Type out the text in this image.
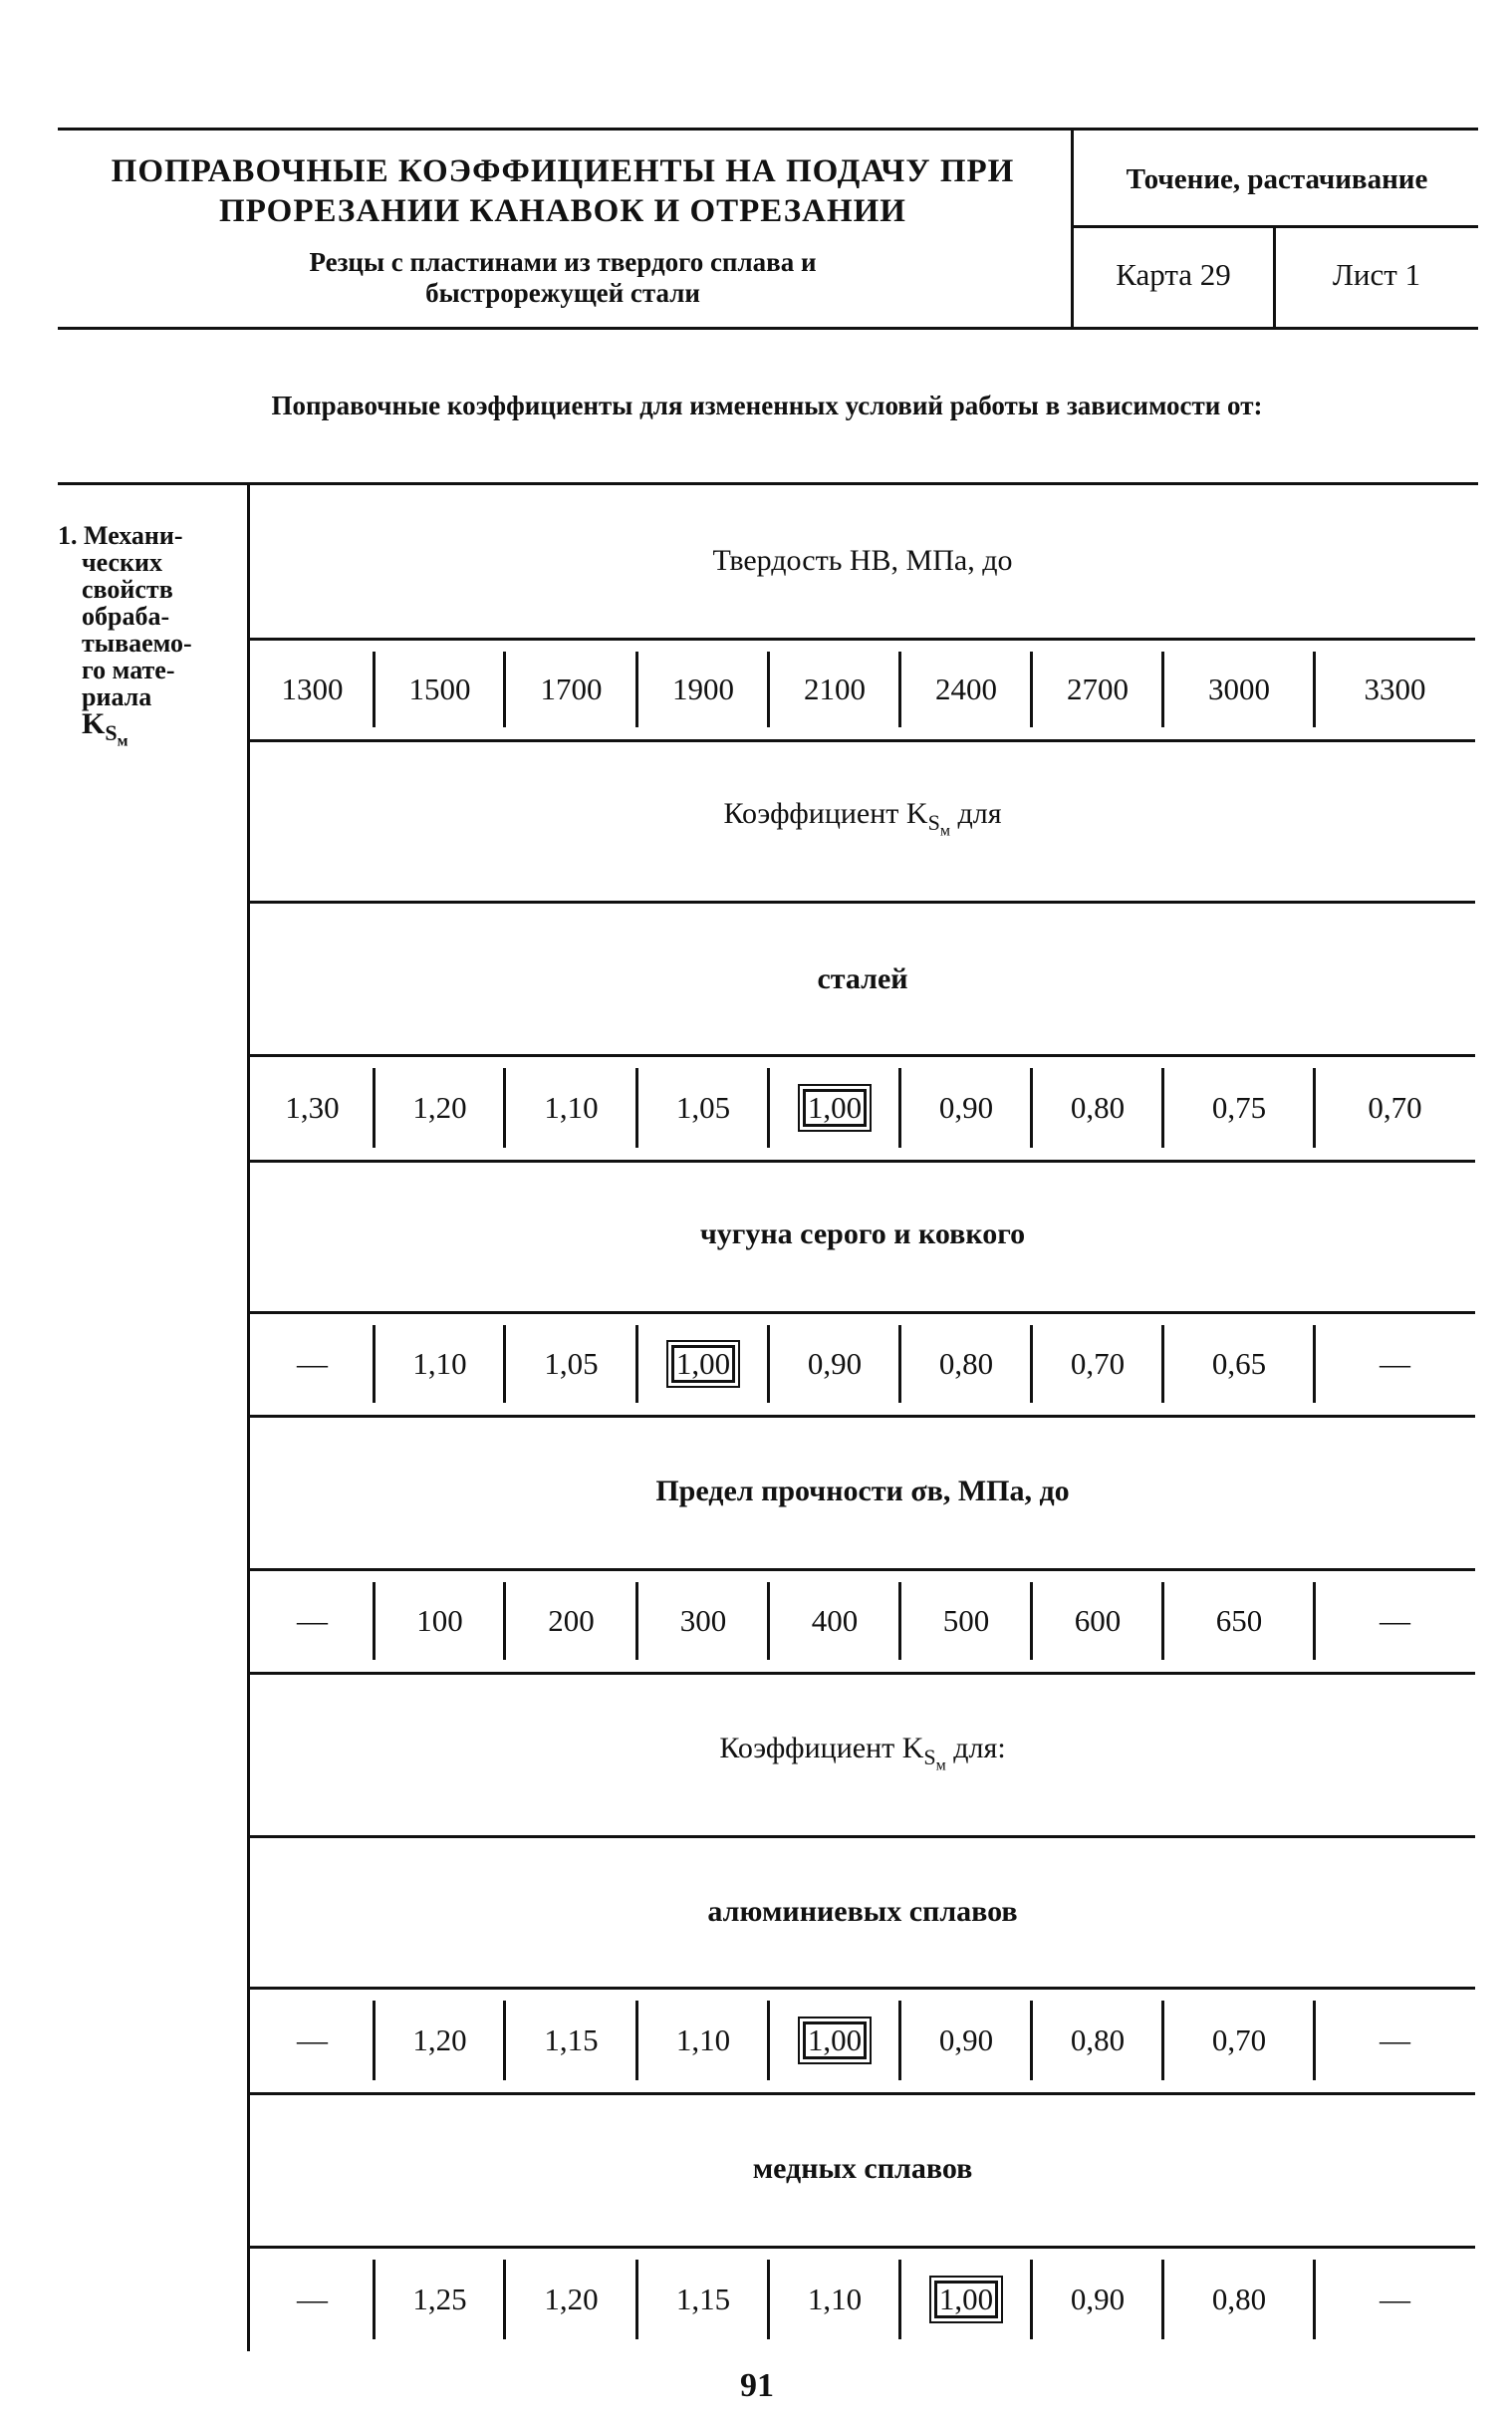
ПОПРАВОЧНЫЕ КОЭФФИЦИЕНТЫ НА ПОДАЧУ ПРИ
ПРОРЕЗАНИИ КАНАВОК И ОТРЕЗАНИИ
Резцы с пластинами из твердого сплава и
быстрорежущей стали
Точение, растачивание
Карта 29	Лист 1
Поправочные коэффициенты для измененных условий работы в зависимости от:
1. Механи-
ческих
свойств
обраба-
тываемо-
го мате-
риала
$K_{S_м}$
Твердость НВ, МПа, до
1300 1500 1700 1900 2100 2400 2700	3000	3300
Коэффициент $K_{S_м}$ для
сталей
1,30 1,20	1,10	1,05	1,00	0,90	0,80	0,75	0,70
чугуна серого и ковкого
—	1,10	1,05	1,00	0,90	0,80	0,70	0,65	—
Предел прочности σв, МПа, до
—	100	200	300	400	500	600	650	—
Коэффициент $K_{S_м}$ для:
алюминиевых сплавов
—	1,20	1,15	1,10	1,00	0,90	0,80	0,70	—
медных сплавов
—	1,25	1,20	1,15	1,10	1,00	0,90	0,80	—
91
